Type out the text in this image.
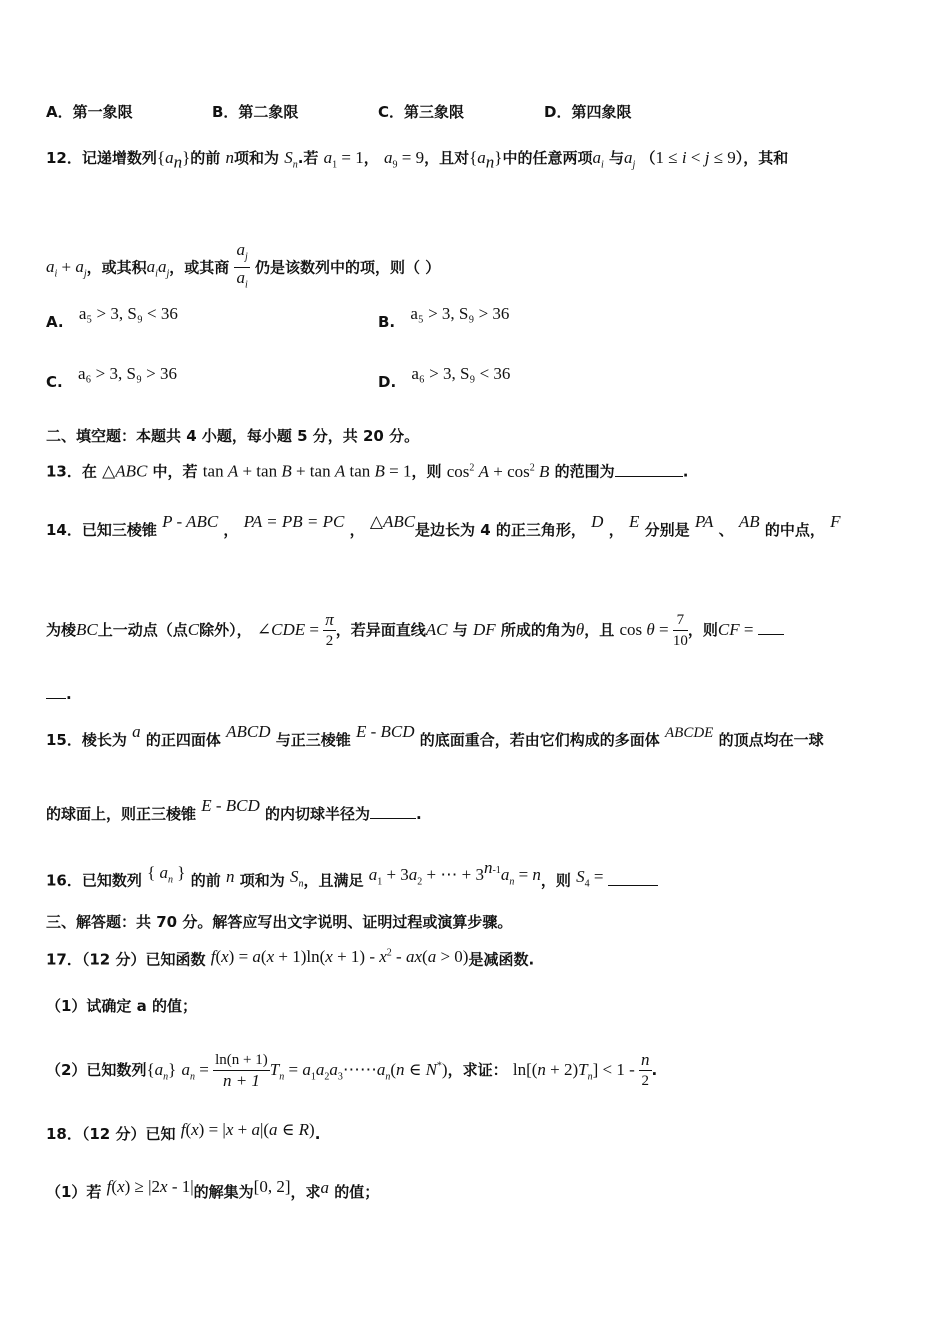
A．第一象限	B．第二象限	C．第三象限	D．第四象限
12．记递增数列$\{a_n\}$的前 n项和为 $S_n$.若 $a_1 = 1$， $a_9 = 9$，且对$\{a_n\}$中的任意两项$a_i$ 与$a_j$ （1 ≤ i < j ≤ 9），其和
$a_i + a_j$，或其积$a_ia_j$，或其商 $\frac{a_j}{a_i}$ 仍是该数列中的项，则（ ）
A. a₅ > 3, S₉ < 36	B. a₅ > 3, S₉ > 36
C. a₆ > 3, S₉ > 36	D. a₆ > 3, S₉ < 36
二、填空题：本题共 4 小题，每小题 5 分，共 20 分。
13．在 △ABC 中，若 tan A + tan B + tan A tan B = 1，则 $\cos^2 A + \cos^2 B$ 的范围为	.
14．已知三棱锥 P - ABC ， PA = PB = PC ， △ABC是边长为 4 的正三角形， D ， E 分别是 PA 、 AB 的中点， F
为棱BC上一动点（点C除外）， ∠CDE = $\frac{\pi}{2}$ ，若异面直线AC 与 DF 所成的角为θ，且 $\cos \theta = \frac{7}{10}$ ，则CF =
.
15．棱长为 a 的正四面体 ABCD 与正三棱锥 E - BCD 的底面重合，若由它们构成的多面体 ABCDE 的顶点均在一球
的球面上，则正三棱锥 E - BCD 的内切球半径为	.
16．已知数列 { $a_n$ } 的前 n 项和为 $S_n$，且满足 $a_1 + 3a_2$ + ⋯ + $3^{n-1}a_n = n$，则 $S_4$ =
三、解答题：共 70 分。解答应写出文字说明、证明过程或演算步骤。
17．（12 分）已知函数 $f(x) = a(x + 1)\ln(x + 1) - x^2 - ax(a > 0)$是减函数.
（1）试确定 a 的值；
（2）已知数列$\{a_n\} a_n = \frac{\ln(n + 1)}{n + 1} T_n$ = $a_1a_2a_3\cdots\cdots a_n(n$ ∈ N*)，求证： $\ln[(n + 2)T_n] < 1 - \frac{n}{2}$ .
18．（12 分）已知 f(x) = |x + a|(a ∈ R).
（1）若 f(x) ≥ |2x - 1|的解集为[0, 2]，求a 的值；
